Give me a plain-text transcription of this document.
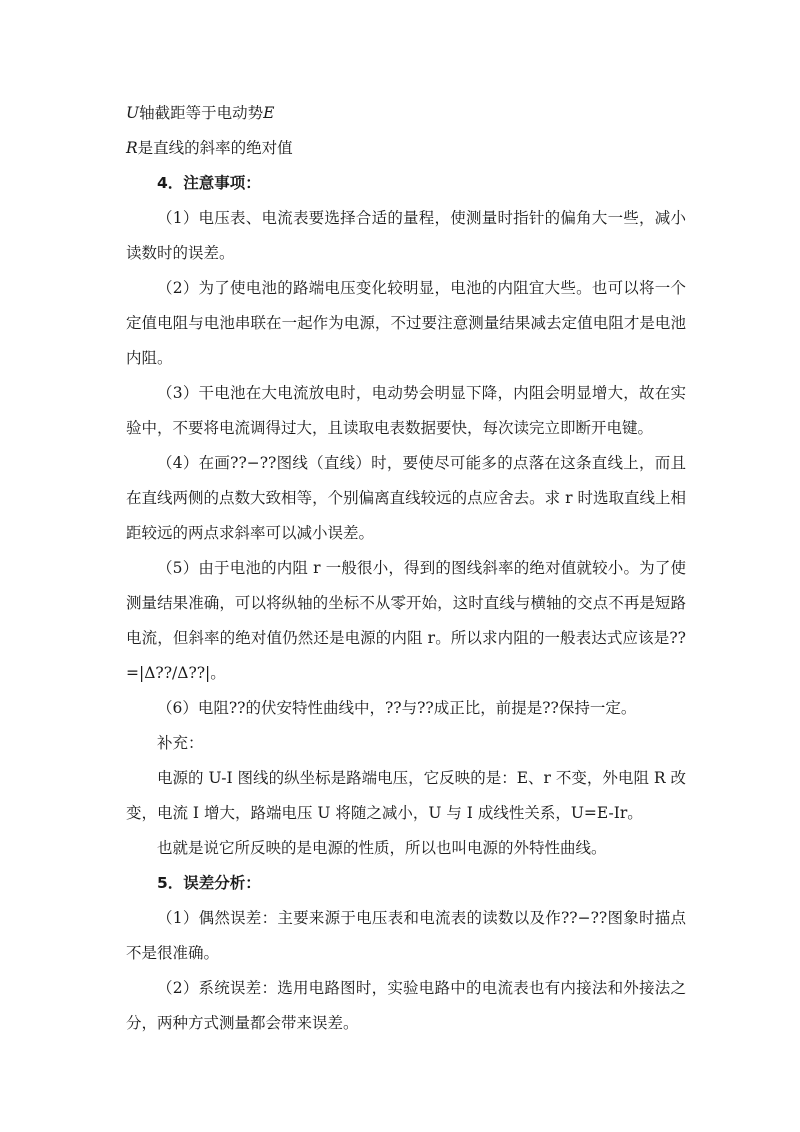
U轴截距等于电动势E

R是直线的斜率的绝对值

4．注意事项：

（1）电压表、电流表要选择合适的量程，使测量时指针的偏角大一些，减小读数时的误差。

（2）为了使电池的路端电压变化较明显，电池的内阻宜大些。也可以将一个定值电阻与电池串联在一起作为电源，不过要注意测量结果减去定值电阻才是电池内阻。

（3）干电池在大电流放电时，电动势会明显下降，内阻会明显增大，故在实验中，不要将电流调得过大，且读取电表数据要快，每次读完立即断开电键。

（4）在画??−??图线（直线）时，要使尽可能多的点落在这条直线上，而且在直线两侧的点数大致相等，个别偏离直线较远的点应舍去。求 r 时选取直线上相距较远的两点求斜率可以减小误差。

（5）由于电池的内阻 r 一般很小，得到的图线斜率的绝对值就较小。为了使测量结果准确，可以将纵轴的坐标不从零开始，这时直线与横轴的交点不再是短路电流，但斜率的绝对值仍然还是电源的内阻 r。所以求内阻的一般表达式应该是??=|Δ??/Δ??|。

（6）电阻??的伏安特性曲线中，??与??成正比，前提是??保持一定。

补充：

电源的 U-I 图线的纵坐标是路端电压，它反映的是：E、r 不变，外电阻 R 改变，电流 I 增大，路端电压 U 将随之减小，U 与 I 成线性关系，U=E-Ir。

也就是说它所反映的是电源的性质，所以也叫电源的外特性曲线。

5．误差分析：

（1）偶然误差：主要来源于电压表和电流表的读数以及作??−??图象时描点不是很准确。

（2）系统误差：选用电路图时，实验电路中的电流表也有内接法和外接法之分，两种方式测量都会带来误差。
